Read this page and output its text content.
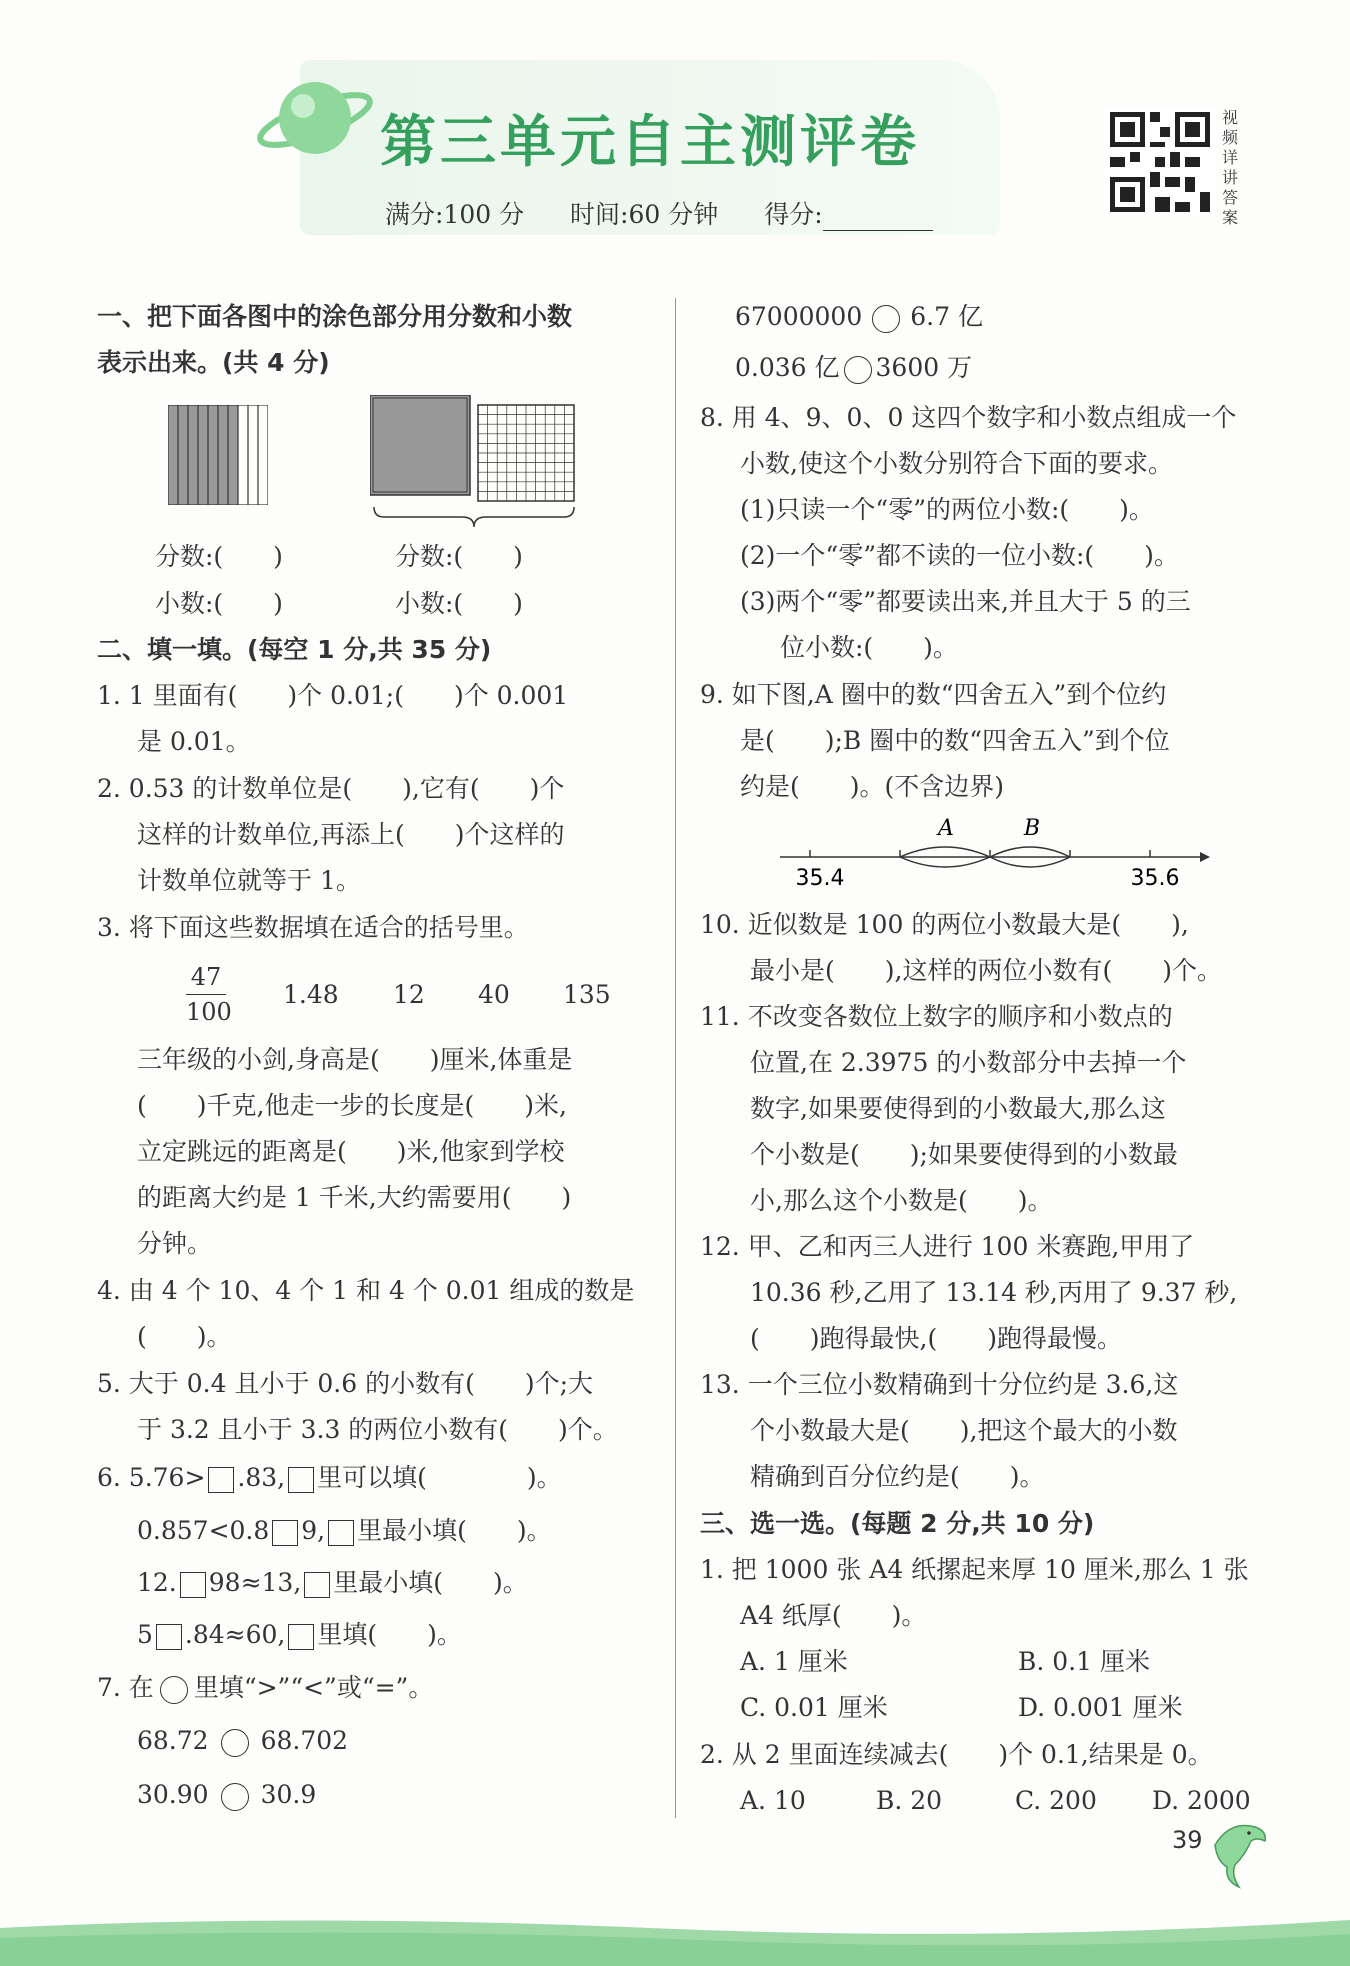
第三单元自主测评卷
满分:100 分 时间:60 分钟 得分:
视频详讲答案
一、把下面各图中的涂色部分用分数和小数
表示出来。(共 4 分)
分数:(　　)	分数:(　　)
小数:(　　)	小数:(　　)
二、填一填。(每空 1 分,共 35 分)
1. 1 里面有(　　)个 0.01;(　　)个 0.001
是 0.01。
2. 0.53 的计数单位是(　　),它有(　　)个
这样的计数单位,再添上(　　)个这样的
计数单位就等于 1。
3. 将下面这些数据填在适合的括号里。
47
100
1.48 12 40 135
三年级的小剑,身高是(　　)厘米,体重是
(　　)千克,他走一步的长度是(　　)米,
立定跳远的距离是(　　)米,他家到学校
的距离大约是 1 千米,大约需要用(　　)
分钟。
4. 由 4 个 10、4 个 1 和 4 个 0.01 组成的数是
(　　)。
5. 大于 0.4 且小于 0.6 的小数有(　　)个;大
于 3.2 且小于 3.3 的两位小数有(　　)个。
6. 5.76> .83, 里可以填(　　　　)。
0.857<0.8 9, 里最小填(　　)。
12. 98≈13, 里最小填(　　)。
5 .84≈60, 里填(　　)。
7. 在 里填“>”“<”或“=”。
68.72 68.702
30.90 30.9
67000000 6.7 亿
0.036 亿 3600 万
8. 用 4、9、0、0 这四个数字和小数点组成一个
小数,使这个小数分别符合下面的要求。
(1)只读一个“零”的两位小数:(　　)。
(2)一个“零”都不读的一位小数:(　　)。
(3)两个“零”都要读出来,并且大于 5 的三
位小数:(　　)。
9. 如下图,A 圈中的数“四舍五入”到个位约
是(　　);B 圈中的数“四舍五入”到个位
约是(　　)。(不含边界)
A	B
35.4	35.6
10. 近似数是 100 的两位小数最大是(　　),
最小是(　　),这样的两位小数有(　　)个。
11. 不改变各数位上数字的顺序和小数点的
位置,在 2.3975 的小数部分中去掉一个
数字,如果要使得到的小数最大,那么这
个小数是(　　);如果要使得到的小数最
小,那么这个小数是(　　)。
12. 甲、乙和丙三人进行 100 米赛跑,甲用了
10.36 秒,乙用了 13.14 秒,丙用了 9.37 秒,
(　　)跑得最快,(　　)跑得最慢。
13. 一个三位小数精确到十分位约是 3.6,这
个小数最大是(　　),把这个最大的小数
精确到百分位约是(　　)。
三、选一选。(每题 2 分,共 10 分)
1. 把 1000 张 A4 纸摞起来厚 10 厘米,那么 1 张
A4 纸厚(　　)。
A. 1 厘米	B. 0.1 厘米
C. 0.01 厘米	D. 0.001 厘米
2. 从 2 里面连续减去(　　)个 0.1,结果是 0。
A. 10	B. 20	C. 200 D. 2000
39
